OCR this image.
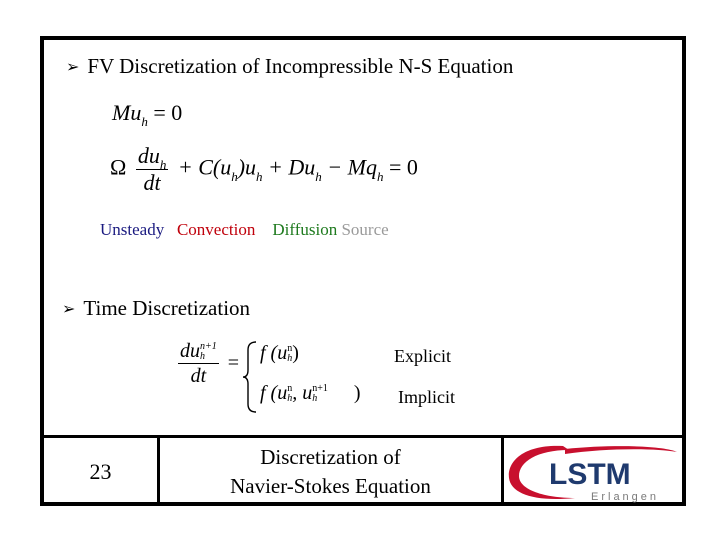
➢ FV Discretization of Incompressible N-S Equation
$Mu_h = 0$
Ω $\frac{du_h}{dt} + C(u_h)u_h + Du_h - Mq_h = 0$
Unsteady Convection Diffusion Source
➢ Time Discretization
du n+1
h
dt = f (u n
h )
f (u n
h , u n+1
h	)
Explicit
Implicit
23
Discretization of
Navier-Stokes Equation	LSTM
Erlangen
